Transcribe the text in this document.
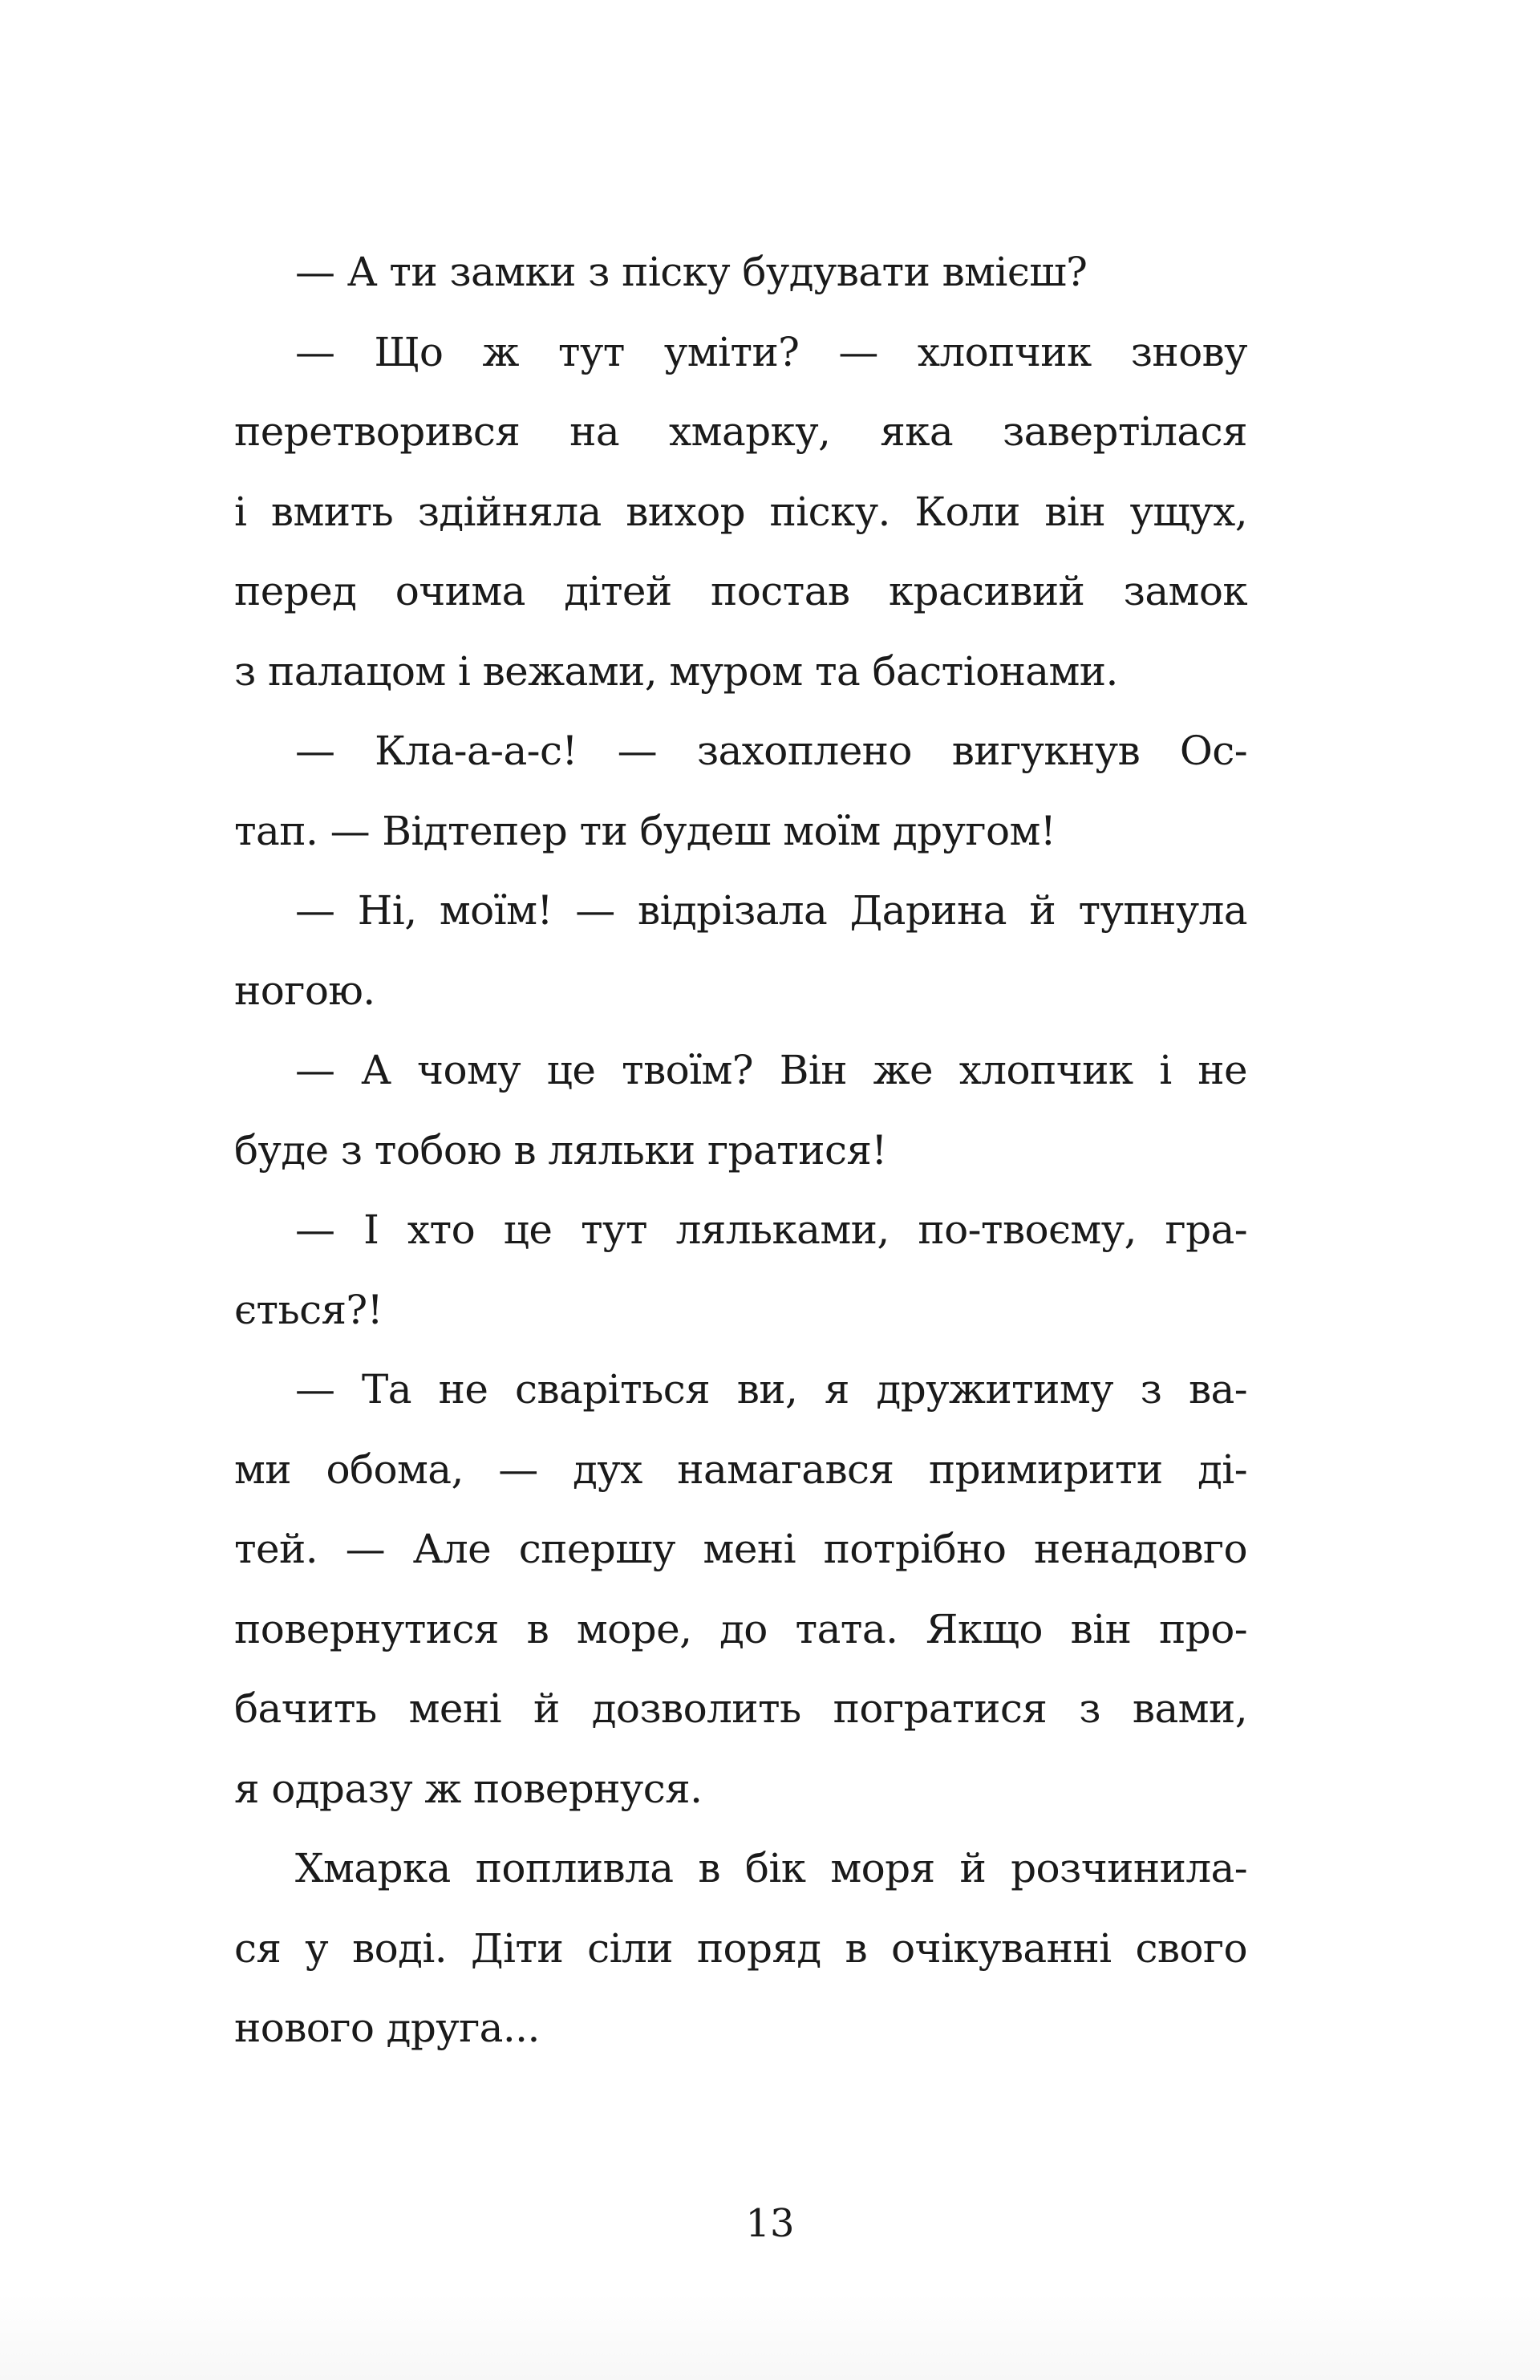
— А ти замки з піску будувати вмієш?
— Що ж тут уміти? — хлопчик знову
перетворився на хмарку, яка завертілася
і вмить здійняла вихор піску. Коли він ущух,
перед очима дітей постав красивий замок
з палацом і вежами, муром та бастіонами.
— Кла-а-а-с! — захоплено вигукнув Ос-
тап. — Відтепер ти будеш моїм другом!
— Ні, моїм! — відрізала Дарина й тупнула
ногою.
— А чому це твоїм? Він же хлопчик і не
буде з тобою в ляльки гратися!
— І хто це тут ляльками, по-твоєму, гра-
ється?!
— Та не сваріться ви, я дружитиму з ва-
ми обома, — дух намагався примирити ді-
тей. — Але спершу мені потрібно ненадовго
повернутися в море, до тата. Якщо він про-
бачить мені й дозволить погратися з вами,
я одразу ж повернуся.
Хмарка попливла в бік моря й розчинила-
ся у воді. Діти сіли поряд в очікуванні свого
нового друга...
13
